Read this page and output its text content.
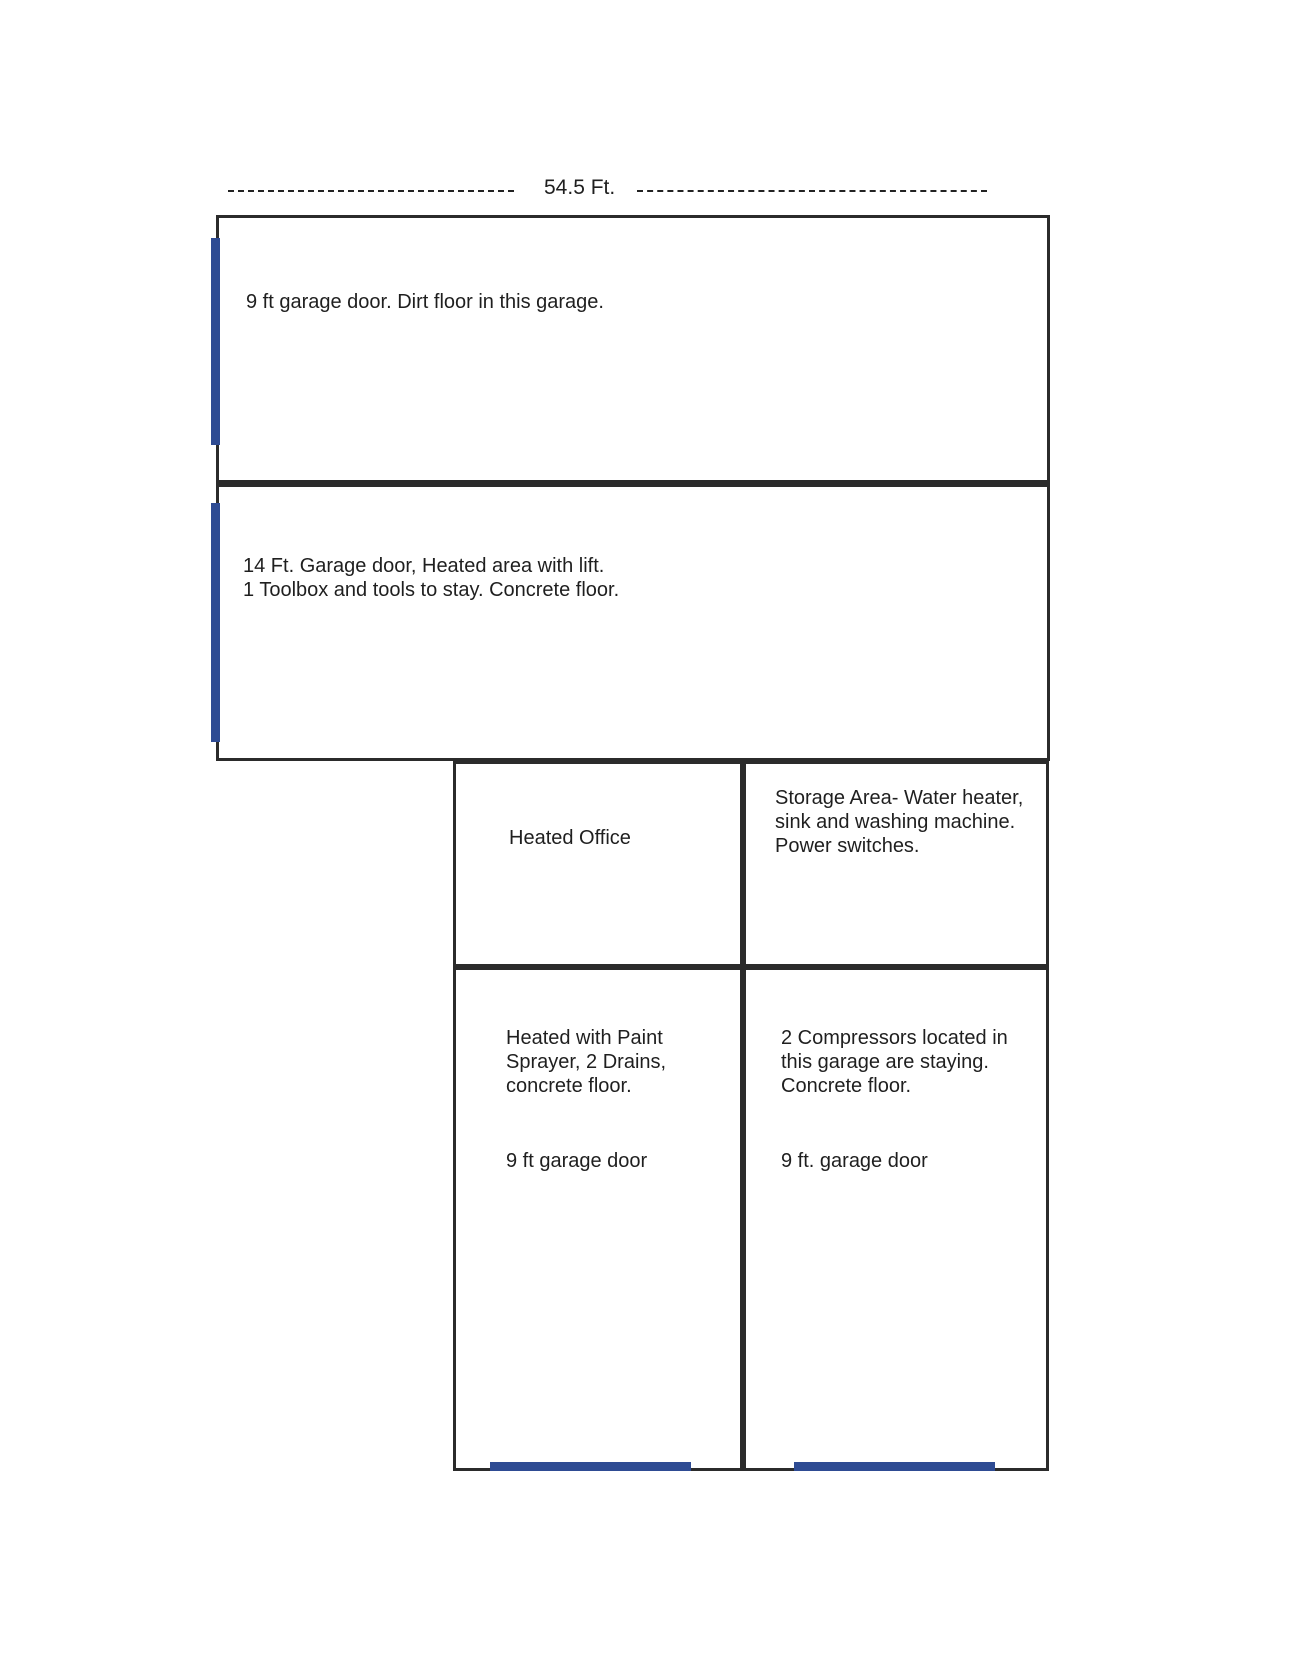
54.5 Ft.
9 ft garage door. Dirt floor in this garage.
14 Ft. Garage door, Heated area with lift.
1 Toolbox and tools to stay. Concrete floor.
Heated Office
Storage Area- Water heater, sink and washing machine. Power switches.
Heated with Paint Sprayer, 2 Drains, concrete floor.
9 ft garage door
2 Compressors located in this garage are staying. Concrete floor.
9 ft. garage door
